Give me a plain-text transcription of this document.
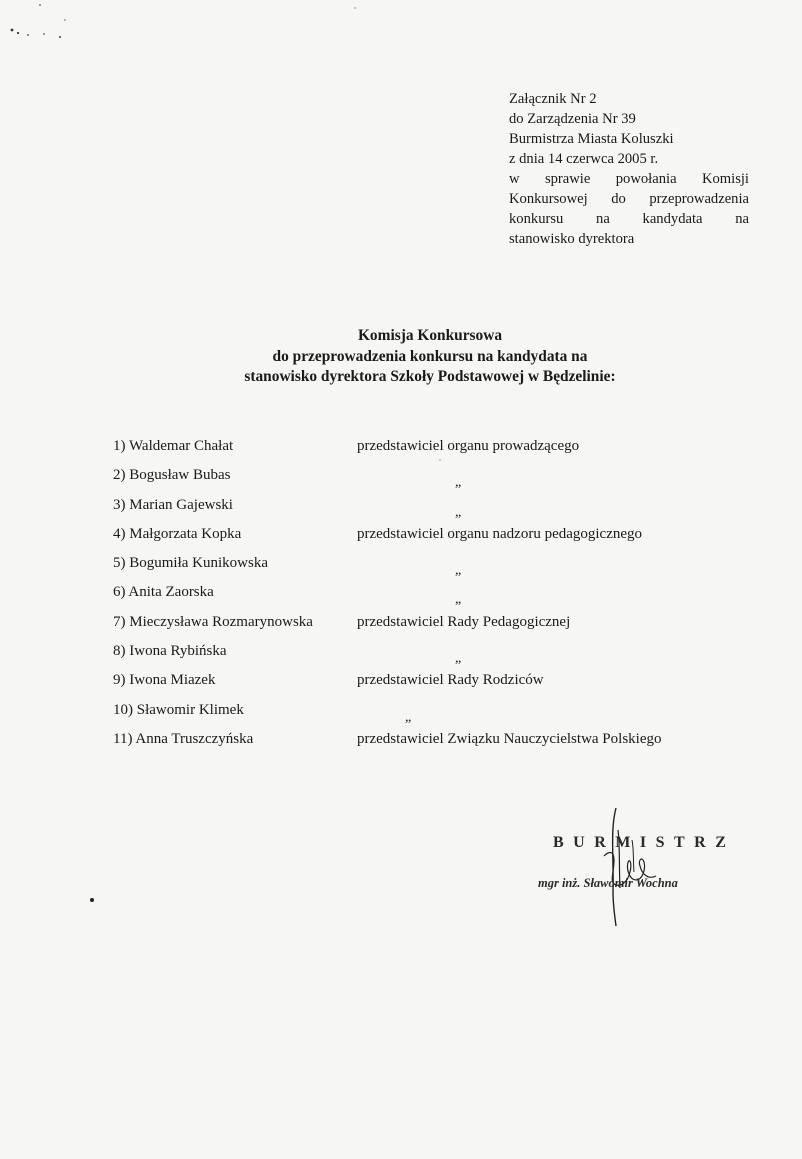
Załącznik Nr 2
do Zarządzenia Nr 39
Burmistrza Miasta Koluszki
z dnia 14 czerwca 2005 r.
w sprawie powołania Komisji
Konkursowej do przeprowadzenia
konkursu na kandydata na
stanowisko dyrektora
Komisja Konkursowa
do przeprowadzenia konkursu na kandydata na
stanowisko dyrektora Szkoły Podstawowej w Będzelinie:
1) Waldemar Chałat	przedstawiciel organu prowadzącego
2) Bogusław Bubas	„
3) Marian Gajewski	„
4) Małgorzata Kopka	przedstawiciel organu nadzoru pedagogicznego
5) Bogumiła Kunikowska	„
6) Anita Zaorska	„
7) Mieczysława Rozmarynowska	przedstawiciel Rady Pedagogicznej
8) Iwona Rybińska	„
9) Iwona Miazek	przedstawiciel Rady Rodziców
10) Sławomir Klimek	„
11) Anna Truszczyńska	przedstawiciel Związku Nauczycielstwa Polskiego
BURMISTRZ
mgr inż. Sławomir Wochna
